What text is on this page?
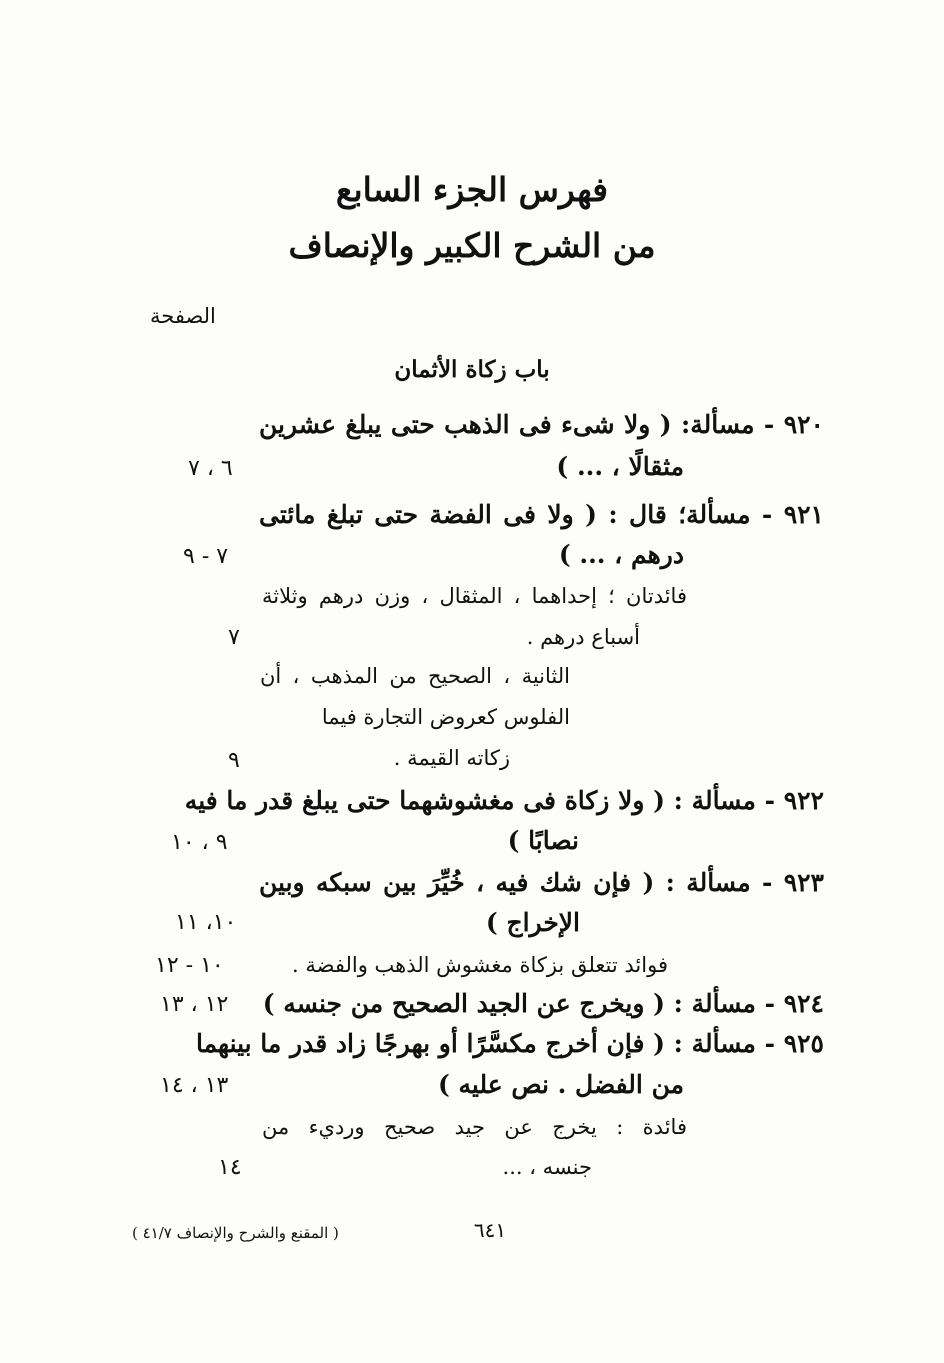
فهرس الجزء السابع
من الشرح الكبير والإنصاف
الصفحة
باب زكاة الأثمان
٩٢٠ - مسألة: ( ولا شىء فى الذهب حتى يبلغ عشرين
مثقالًا ، ... )
٦ ، ٧
٩٢١ - مسألة؛ قال : ( ولا فى الفضة حتى تبلغ مائتى
درهم ، ... )
٧ - ٩
فائدتان ؛ إحداهما ، المثقال ، وزن درهم وثلاثة
أسباع درهم .
٧
الثانية ، الصحيح من المذهب ، أن
الفلوس كعروض التجارة فيما
زكاته القيمة .
٩
٩٢٢ - مسألة : ( ولا زكاة فى مغشوشهما حتى يبلغ قدر ما فيه
نصابًا )
٩ ، ١٠
٩٢٣ - مسألة : ( فإن شك فيه ، خُيِّرَ بين سبكه وبين
الإخراج )
١٠، ١١
فوائد تتعلق بزكاة مغشوش الذهب والفضة .
١٠ - ١٢
٩٢٤ - مسألة : ( ويخرج عن الجيد الصحيح من جنسه )
١٢ ، ١٣
٩٢٥ - مسألة : ( فإن أخرج مكسَّرًا أو بهرجًا زاد قدر ما بينهما
من الفضل . نص عليه )
١٣ ، ١٤
فائدة : يخرج عن جيد صحيح ورديء من
جنسه ، ...
١٤
( المقنع والشرح والإنصاف ٤١/٧ )	٦٤١
